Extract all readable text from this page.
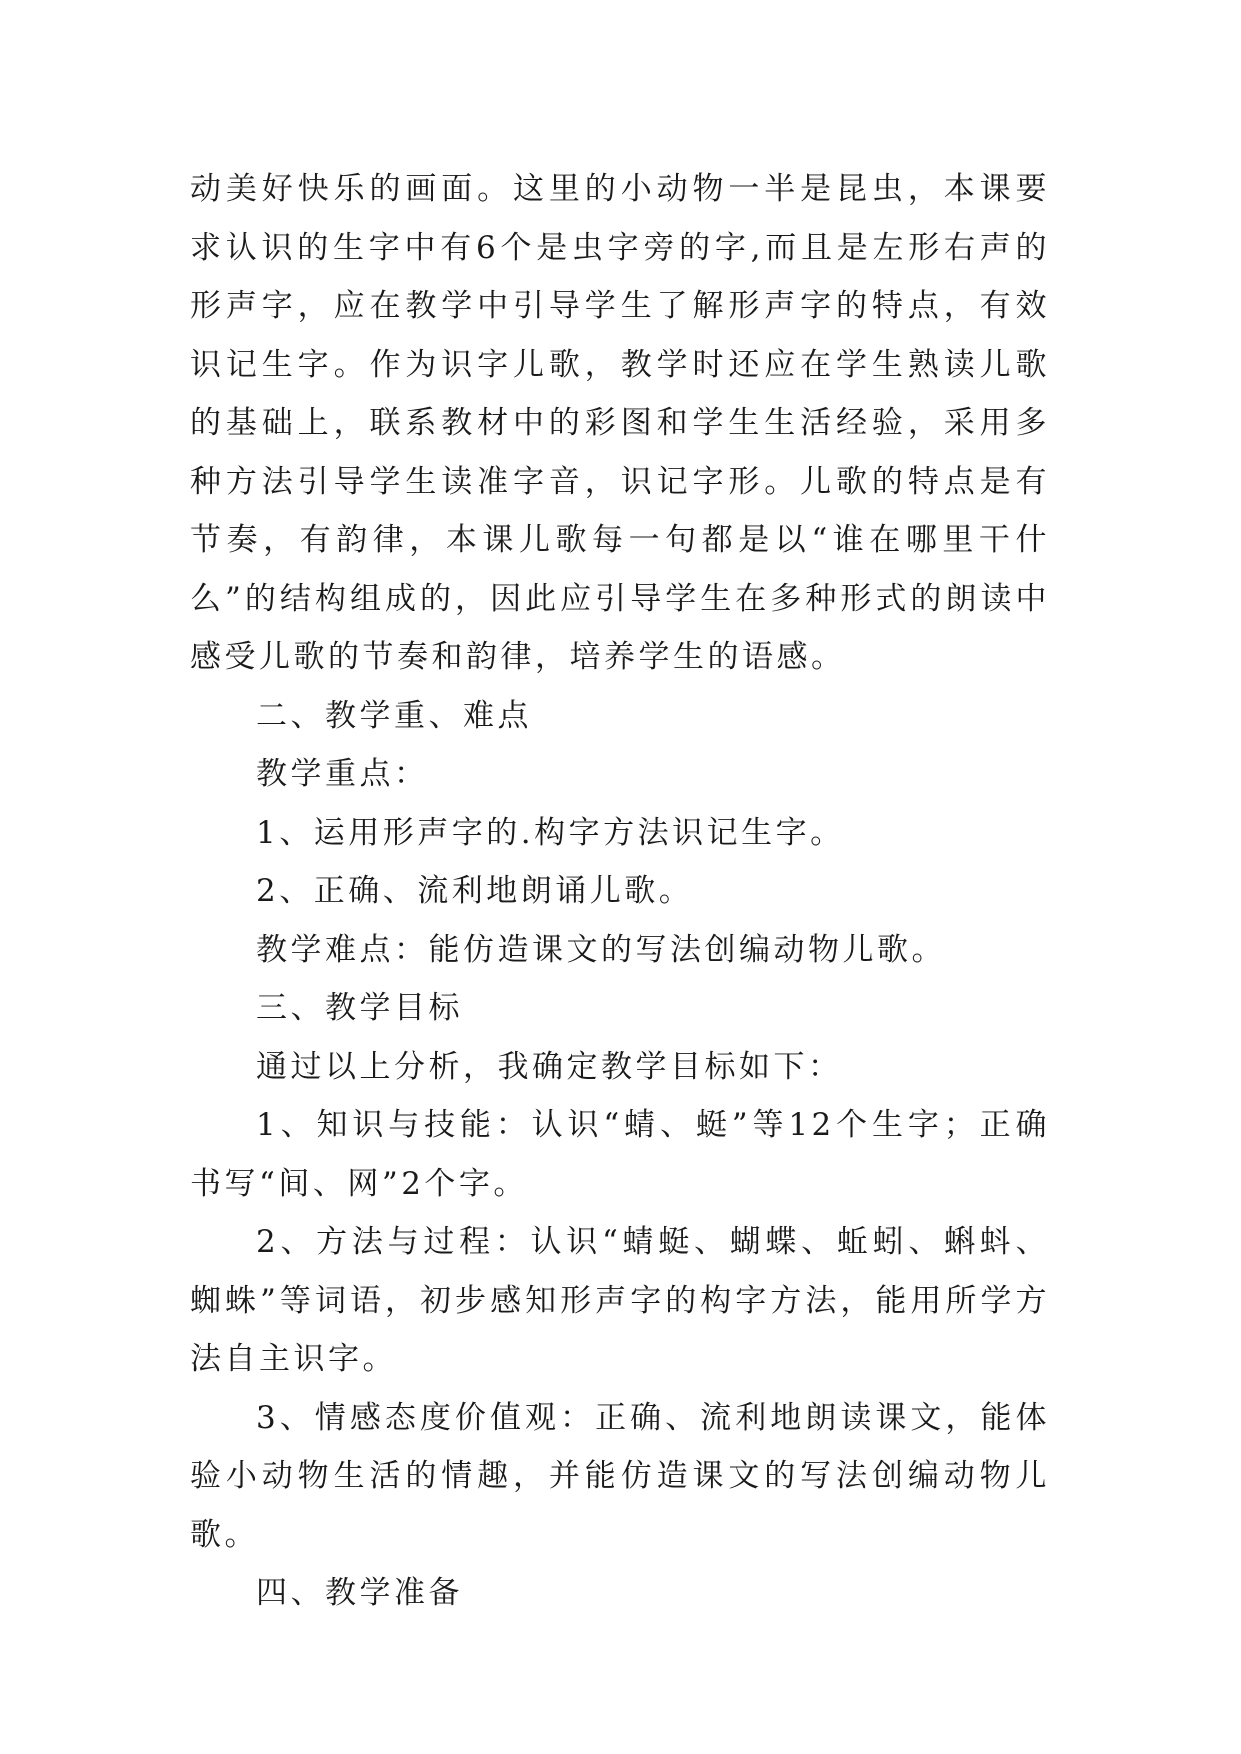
动美好快乐的画面。这里的小动物一半是昆虫，本课要求认识的生字中有6个是虫字旁的字,而且是左形右声的形声字，应在教学中引导学生了解形声字的特点，有效识记生字。作为识字儿歌，教学时还应在学生熟读儿歌的基础上，联系教材中的彩图和学生生活经验，采用多种方法引导学生读准字音，识记字形。儿歌的特点是有节奏，有韵律，本课儿歌每一句都是以“谁在哪里干什么”的结构组成的，因此应引导学生在多种形式的朗读中感受儿歌的节奏和韵律，培养学生的语感。

二、教学重、难点

教学重点：

1、运用形声字的.构字方法识记生字。

2、正确、流利地朗诵儿歌。

教学难点：能仿造课文的写法创编动物儿歌。

三、教学目标

通过以上分析，我确定教学目标如下：

1、知识与技能：认识“蜻、蜓”等12个生字；正确书写“间、网”2个字。

2、方法与过程：认识“蜻蜓、蝴蝶、蚯蚓、蝌蚪、蜘蛛”等词语，初步感知形声字的构字方法，能用所学方法自主识字。

3、情感态度价值观：正确、流利地朗读课文，能体验小动物生活的情趣，并能仿造课文的写法创编动物儿歌。

四、教学准备
